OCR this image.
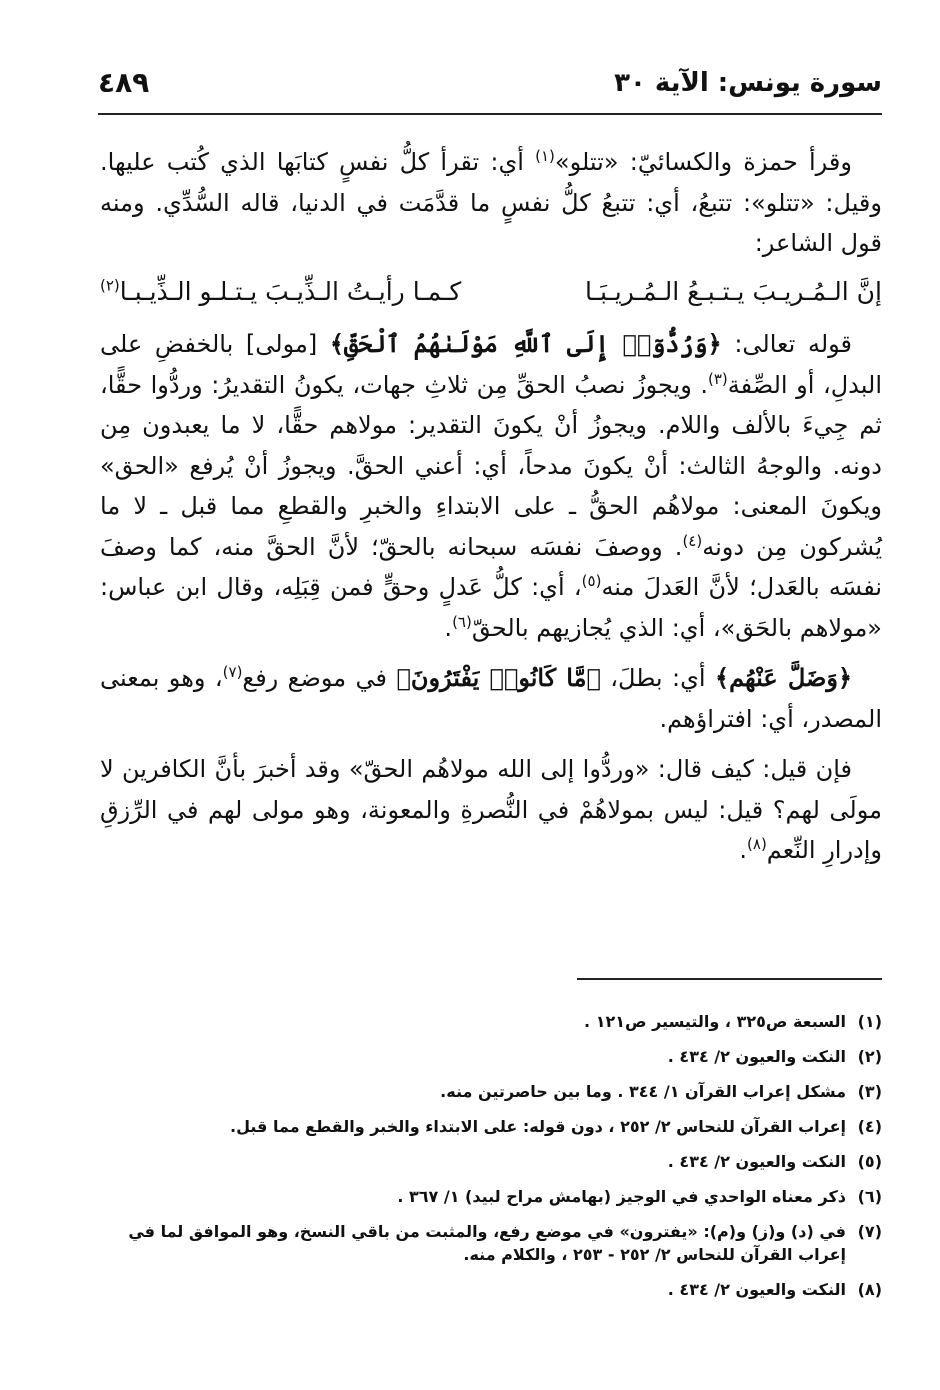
سورة يونس: الآية ٣٠
٤٨٩

وقرأ حمزة والكسائيّ: «تتلو»$^{(١)}$ أي: تقرأ كلُّ نفسٍ كتابَها الذي كُتب عليها. وقيل: «تتلو»: تتبعُ، أي: تتبعُ كلُّ نفسٍ ما قدَّمَت في الدنيا، قاله السُّدِّي. ومنه قول الشاعر:

إنَّ الـمُـريـبَ يـتـبـعُ الـمُـريـبَـا
كـمـا رأيـتُ الـذِّيـبَ يـتـلـو الـذِّيـبـا$^{(٢)}$

قوله تعالى: ﴿وَرُدُّوٓا۟ إِلَى ٱللَّهِ مَوْلَىٰهُمُ ٱلْحَقِّ﴾ [مولى] بالخفضِ على البدلِ، أو الصِّفة$^{(٣)}$. ويجوزُ نصبُ الحقِّ مِن ثلاثِ جهات، يكونُ التقديرُ: وردُّوا حقًّا، ثم جِيءَ بالألف واللام. ويجوزُ أنْ يكونَ التقدير: مولاهم حقًّا، لا ما يعبدون مِن دونه. والوجهُ الثالث: أنْ يكونَ مدحاً، أي: أعني الحقَّ. ويجوزُ أنْ يُرفع «الحق» ويكونَ المعنى: مولاهُم الحقُّ ـ على الابتداءِ والخبرِ والقطعِ مما قبل ـ لا ما يُشركون مِن دونه$^{(٤)}$. ووصفَ نفسَه سبحانه بالحقّ؛ لأنَّ الحقَّ منه، كما وصفَ نفسَه بالعَدل؛ لأنَّ العَدلَ منه$^{(٥)}$، أي: كلُّ عَدلٍ وحقٍّ فمن قِبَلِه، وقال ابن عباس: «مولاهم بالحَق»، أي: الذي يُجازيهم بالحقّ$^{(٦)}$.

﴿وَضَلَّ عَنْهُم﴾ أي: بطلَ، ﴿مَّا كَانُوا۟ يَفْتَرُونَ﴾ في موضع رفع$^{(٧)}$، وهو بمعنى المصدر، أي: افتراؤهم.

فإن قيل: كيف قال: «وردُّوا إلى الله مولاهُم الحقّ» وقد أخبرَ بأنَّ الكافرين لا مولَى لهم؟ قيل: ليس بمولاهُمْ في النُّصرةِ والمعونة، وهو مولى لهم في الرِّزقِ وإدرارِ النِّعم$^{(٨)}$.

(١)
السبعة ص٣٢٥ ، والتيسير ص١٢١ .
(٢)
النكت والعيون ٢/ ٤٣٤ .
(٣)
مشكل إعراب القرآن ١/ ٣٤٤ . وما بين حاصرتين منه.
(٤)
إعراب القرآن للنحاس ٢/ ٢٥٢ ، دون قوله: على الابتداء والخبر والقطع مما قبل.
(٥)
النكت والعيون ٢/ ٤٣٤ .
(٦)
ذكر معناه الواحدي في الوجيز (بهامش مراح لبيد) ١/ ٣٦٧ .
(٧)
في (د) و(ز) و(م): «يفترون» في موضع رفع، والمثبت من باقي النسخ، وهو الموافق لما في إعراب القرآن للنحاس ٢/ ٢٥٢ - ٢٥٣ ، والكلام منه.
(٨)
النكت والعيون ٢/ ٤٣٤ .
